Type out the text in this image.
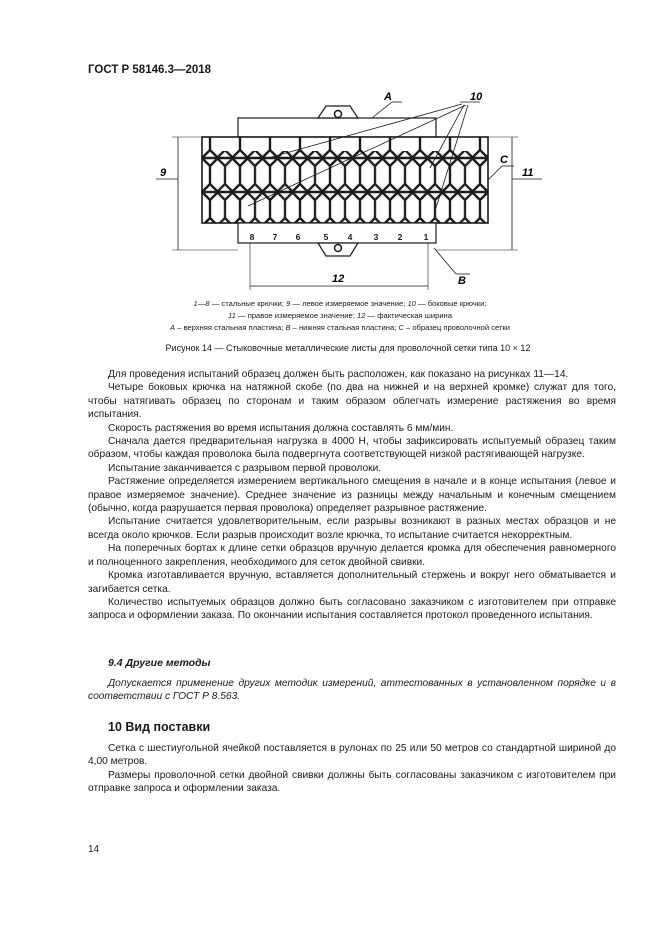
ГОСТ Р 58146.3—2018
8 7 6	5 4	3 2	1
9	11
12
A	10
C
B
1—8 — стальные крючки; 9 — левое измеряемое значение; 10 — боковые крючки;
11 — правое измеряемое значение; 12 — фактическая ширина
A – верхняя стальная пластина; B – нижняя стальная пластина; C – образец проволочной сетки
Рисунок 14 — Стыковочные металлические листы для проволочной сетки типа 10 × 12

Для проведения испытаний образец должен быть расположен, как показано на рисунках 11—14.

Четыре боковых крючка на натяжной скобе (по два на нижней и на верхней кромке) служат для того, чтобы натягивать образец по сторонам и таким образом облегчать измерение растяжения во время испытания.

Скорость растяжения во время испытания должна составлять 6 мм/мин.

Сначала дается предварительная нагрузка в 4000 Н, чтобы зафиксировать испытуемый образец таким образом, чтобы каждая проволока была подвергнута соответствующей низкой растягивающей нагрузке.

Испытание заканчивается с разрывом первой проволоки.

Растяжение определяется измерением вертикального смещения в начале и в конце испытания (левое и правое измеряемое значение). Среднее значение из разницы между начальным и конечным смещением (обычно, когда разрушается первая проволока) определяет разрывное растяжение.

Испытание считается удовлетворительным, если разрывы возникают в разных местах образцов и не всегда около крючков. Если разрыв происходит возле крючка, то испытание считается некорректным.

На поперечных бортах к длине сетки образцов вручную делается кромка для обеспечения равномерного и полноценного закрепления, необходимого для сеток двойной свивки.

Кромка изготавливается вручную, вставляется дополнительный стержень и вокруг него обматывается и загибается сетка.

Количество испытуемых образцов должно быть согласовано заказчиком с изготовителем при отправке запроса и оформлении заказа. По окончании испытания составляется протокол проведенного испытания.

9.4 Другие методы

Допускается применение других методик измерений, аттестованных в установленном порядке и в соответствии с ГОСТ Р 8.563.

10 Вид поставки

Сетка с шестиугольной ячейкой поставляется в рулонах по 25 или 50 метров со стандартной шириной до 4,00 метров.

Размеры проволочной сетки двойной свивки должны быть согласованы заказчиком с изготовителем при отправке запроса и оформлении заказа.

14
